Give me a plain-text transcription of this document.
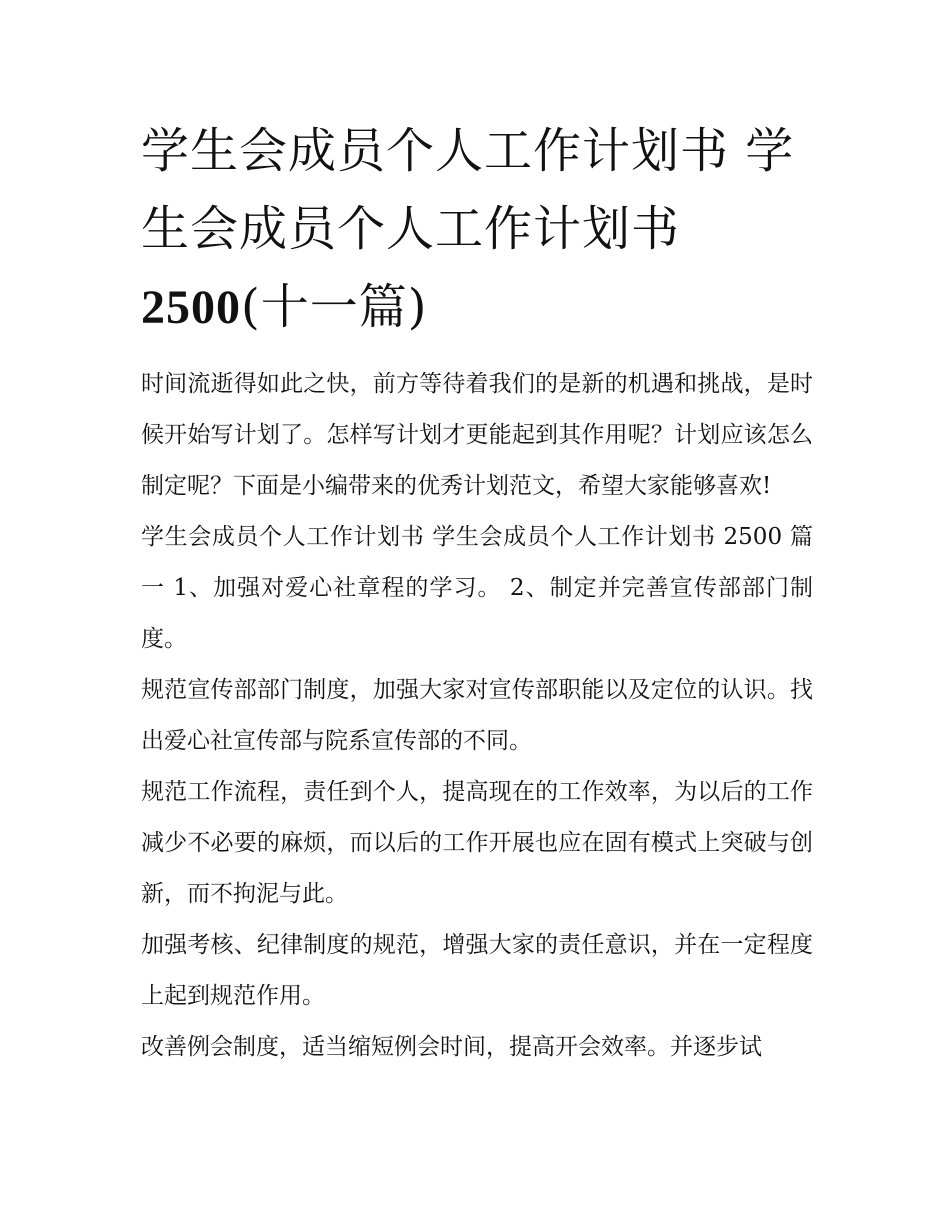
学生会成员个人工作计划书 学生会成员个人工作计划书
2500(十一篇)

时间流逝得如此之快，前方等待着我们的是新的机遇和挑战，是时候开始写计划了。怎样写计划才更能起到其作用呢？计划应该怎么制定呢？下面是小编带来的优秀计划范文，希望大家能够喜欢!

学生会成员个人工作计划书 学生会成员个人工作计划书 2500 篇一 1、加强对爱心社章程的学习。 2、制定并完善宣传部部门制度。

规范宣传部部门制度，加强大家对宣传部职能以及定位的认识。找出爱心社宣传部与院系宣传部的不同。

规范工作流程，责任到个人，提高现在的工作效率，为以后的工作减少不必要的麻烦，而以后的工作开展也应在固有模式上突破与创新，而不拘泥与此。

加强考核、纪律制度的规范，增强大家的责任意识，并在一定程度上起到规范作用。

改善例会制度，适当缩短例会时间，提高开会效率。并逐步试
